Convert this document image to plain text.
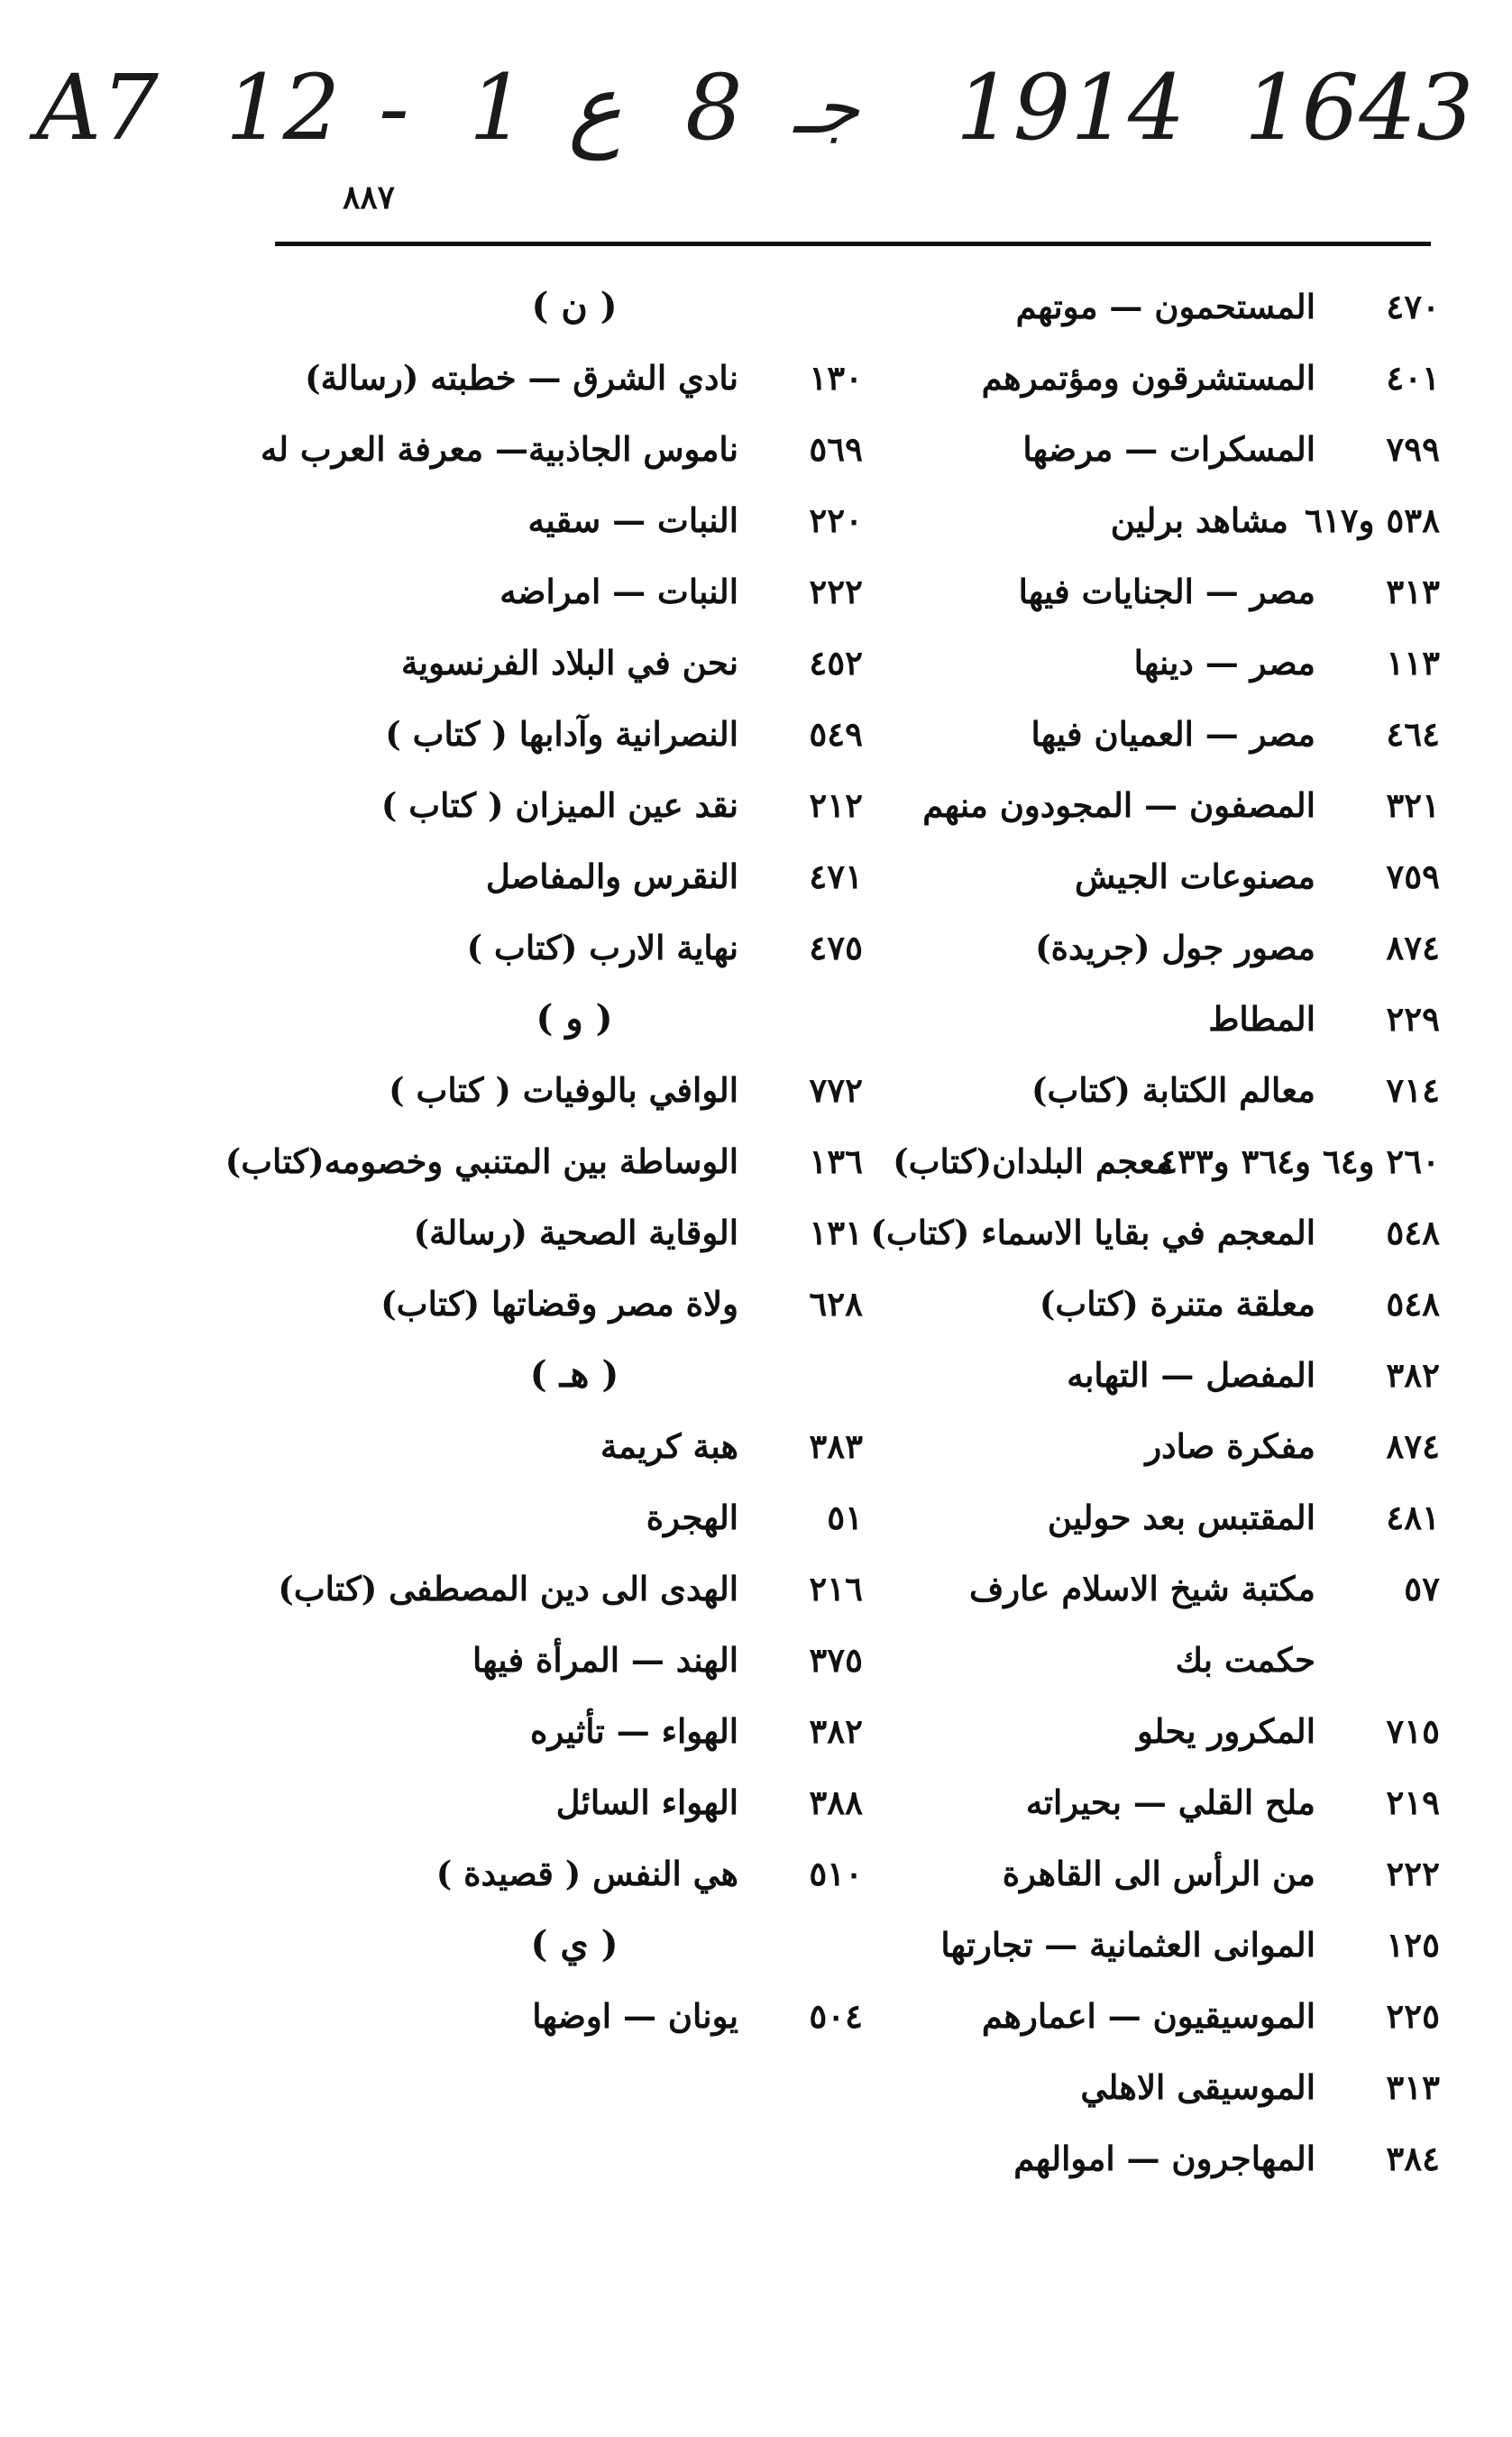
A7 12 - 1 ع 8 جـ 1914 1643
٨٨٧
٤٧٠
المستحمون — موتهم
٤٠١
المستشرقون ومؤتمرهم
٧٩٩
المسكرات — مرضها
٥٣٨ و٦١٧
مشاهد برلين
٣١٣
مصر — الجنايات فيها
١١٣
مصر — دينها
٤٦٤
مصر — العميان فيها
٣٢١
المصفون — المجودون منهم
٧٥٩
مصنوعات الجيش
٨٧٤
مصور جول (جريدة)
٢٢٩
المطاط
٧١٤
معالم الكتابة (كتاب)
٢٦٠ و٦٤ و٣٦٤ و٤٣٣
معجم البلدان(كتاب)
٥٤٨
المعجم في بقايا الاسماء (كتاب)
٥٤٨
معلقة متنرة (كتاب)
٣٨٢
المفصل — التهابه
٨٧٤
مفكرة صادر
٤٨١
المقتبس بعد حولين
٥٧
مكتبة شيخ الاسلام عارف
حكمت بك
٧١٥
المكرور يحلو
٢١٩
ملح القلي — بحيراته
٢٢٢
من الرأس الى القاهرة
١٢٥
الموانى العثمانية — تجارتها
٢٢٥
الموسيقيون — اعمارهم
٣١٣
الموسيقى الاهلي
٣٨٤
المهاجرون — اموالهم
( ن )
١٣٠
نادي الشرق — خطبته (رسالة)
٥٦٩
ناموس الجاذبية— معرفة العرب له
٢٢٠
النبات — سقيه
٢٢٢
النبات — امراضه
٤٥٢
نحن في البلاد الفرنسوية
٥٤٩
النصرانية وآدابها ( كتاب )
٢١٢
نقد عين الميزان ( كتاب )
٤٧١
النقرس والمفاصل
٤٧٥
نهاية الارب (كتاب )
( و )
٧٧٢
الوافي بالوفيات ( كتاب )
١٣٦
الوساطة بين المتنبي وخصومه(كتاب)
١٣١
الوقاية الصحية (رسالة)
٦٢٨
ولاة مصر وقضاتها (كتاب)
( هـ )
٣٨٣
هبة كريمة
٥١
الهجرة
٢١٦
الهدى الى دين المصطفى (كتاب)
٣٧٥
الهند — المرأة فيها
٣٨٢
الهواء — تأثيره
٣٨٨
الهواء السائل
٥١٠
هي النفس ( قصيدة )
( ي )
٥٠٤
يونان — اوضها
